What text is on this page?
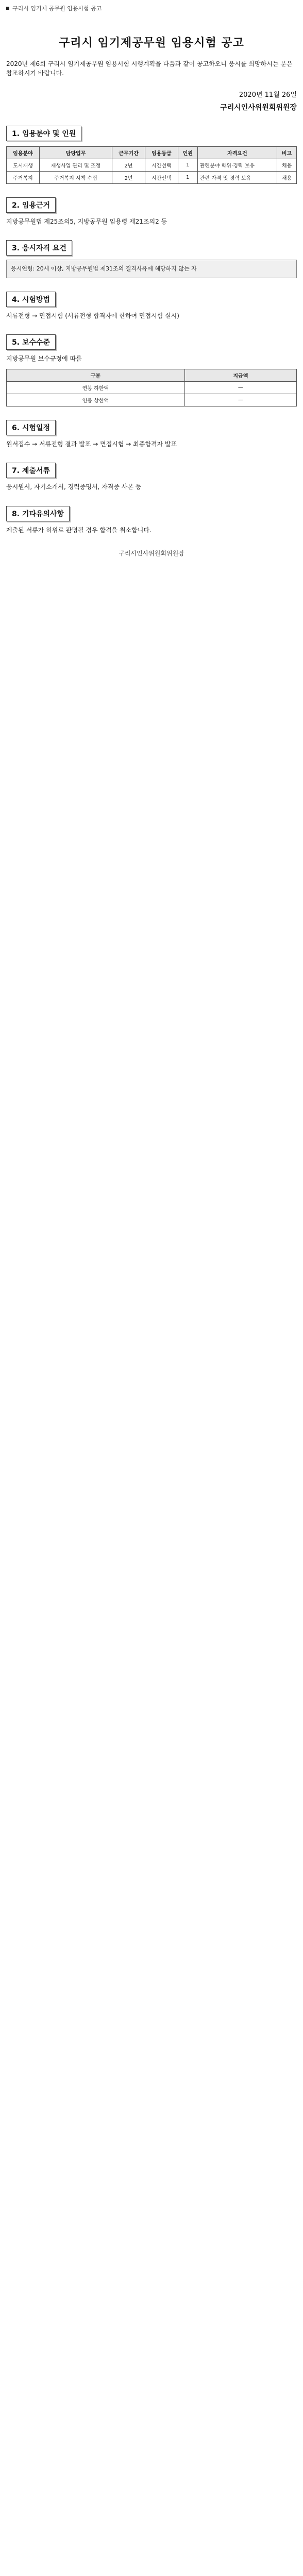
구리시 임기제 공무원 임용시험 공고
구리시 임기제공무원 임용시험 공고
2020년 제6회 구리시 임기제공무원 임용시험 시행계획을 다음과 같이 공고하오니 응시를 희망하시는 분은 참조하시기 바랍니다.
2020년 11월 26일
구리시인사위원회위원장
1. 임용분야 및 인원
임용분야	담당업무	근무기간	임용등급	인원	자격요건	비고
도시재생	재생사업 관리 및 조정	2년	시간선택	1	관련분야 학위·경력 보유	채용
주거복지	주거복지 시책 수립	2년	시간선택	1	관련 자격 및 경력 보유	채용
2. 임용근거
지방공무원법 제25조의5, 지방공무원 임용령 제21조의2 등
3. 응시자격 요건
응시연령: 20세 이상, 지방공무원법 제31조의 결격사유에 해당하지 않는 자
4. 시험방법
서류전형 → 면접시험 (서류전형 합격자에 한하여 면접시험 실시)
5. 보수수준
지방공무원 보수규정에 따름
구분	지급액
연봉 하한액	—
연봉 상한액	—
6. 시험일정
원서접수 → 서류전형 결과 발표 → 면접시험 → 최종합격자 발표
7. 제출서류
응시원서, 자기소개서, 경력증명서, 자격증 사본 등
8. 기타유의사항
제출된 서류가 허위로 판명될 경우 합격을 취소합니다.
구리시인사위원회위원장
